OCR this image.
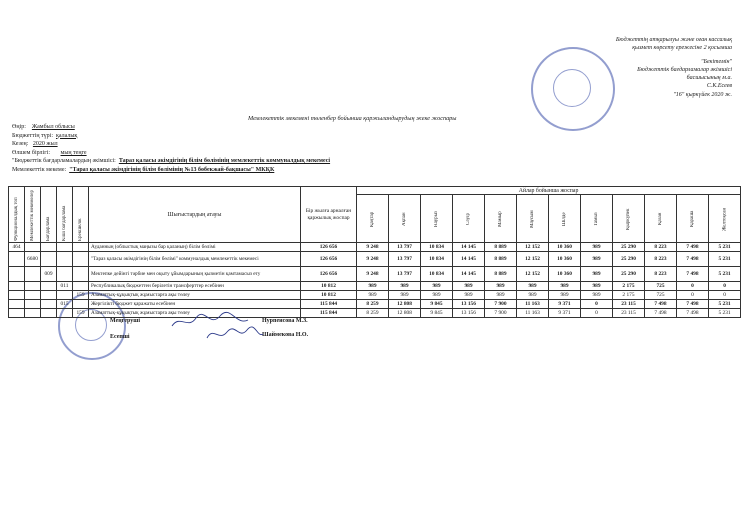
Бюджеттің атқарылуы және оған кассалық
қызмет көрсету ережесіне 2 қосымша
"Бекітемін"
Бюджеттік бағдарламалар әкімшісі
басшысының м.а.
С.К.Есеев
"16" қыркүйек 2020 ж.
Мемлекеттік мекемені төленбер бойынша қаржыландырудың жеке жоспары
Өңір: Жамбыл облысы
Бюджеттің түрі: қалалық
Кезең: 2020 жыл
Өлшем бірлігі: мың теңге
"Бюджеттік бағдарламалардың әкімшісі: Тараз қаласы әкімдігінің білім бөлімінің мемлекеттік коммуналдық мекемесі
Мемлекеттік мекеме: "Тараз қаласы әкімдігінің білім бөлімінің №13 бөбекжай-бақшасы" МКҚК
Функционалдық топ	Мемлекеттік мекемелер	Бағдарлама	Кіші бағдарлама	Ерекшелік	Шығыстардың атауы	Бір жылға арналған қаржылық жоспар	Айлар бойынша жоспар											
							Қаңтар	Ақпан	Наурыз	Сәуір	Мамыр	Маусым	Шілде	Тамыз	Қыркүйек	Қазан	Қараша	Желтоқсан
464					Ауданның (облыстық маңызы бар қаланың) білім бөлімі	126 656	9 248	13 797	10 834	14 145	8 889	12 152	10 360	989	25 290	8 223	7 498	5 231
	6680				"Тараз қаласы әкімдігінің білім бөлімі" коммуналдық мемлекеттік мекемесі	126 656	9 248	13 797	10 834	14 145	8 889	12 152	10 360	989	25 290	8 223	7 498	5 231
		009			Мектепке дейінгі тәрбие мен оқыту ұйымдарының қызметін қамтамасыз ету	126 656	9 248	13 797	10 834	14 145	8 889	12 152	10 360	989	25 290	8 223	7 498	5 231
			011		Республикалық бюджеттен берілетін трансферттер есебінен	10 812	989	989	989	989	989	989	989	989	2 175	725	0	0
				159	Азаматтық-құқықтық жұмыстарға ақы төлеу	10 812	989	989	989	989	989	989	989	989	2 175	725	0	0
			015		Жергілікті бюджет қаражаты есебінен	115 844	8 259	12 808	9 845	13 156	7 900	11 163	9 371	0	23 115	7 498	7 498	5 231
				159	Азаматтық-құқықтық жұмыстарға ақы төлеу	115 844	8 259	12 808	9 845	13 156	7 900	11 163	9 371	0	23 115	7 498	7 498	5 231
Меңгеруші	Нурпеисова М.З.
Есепші	Шаймекова Н.О.
